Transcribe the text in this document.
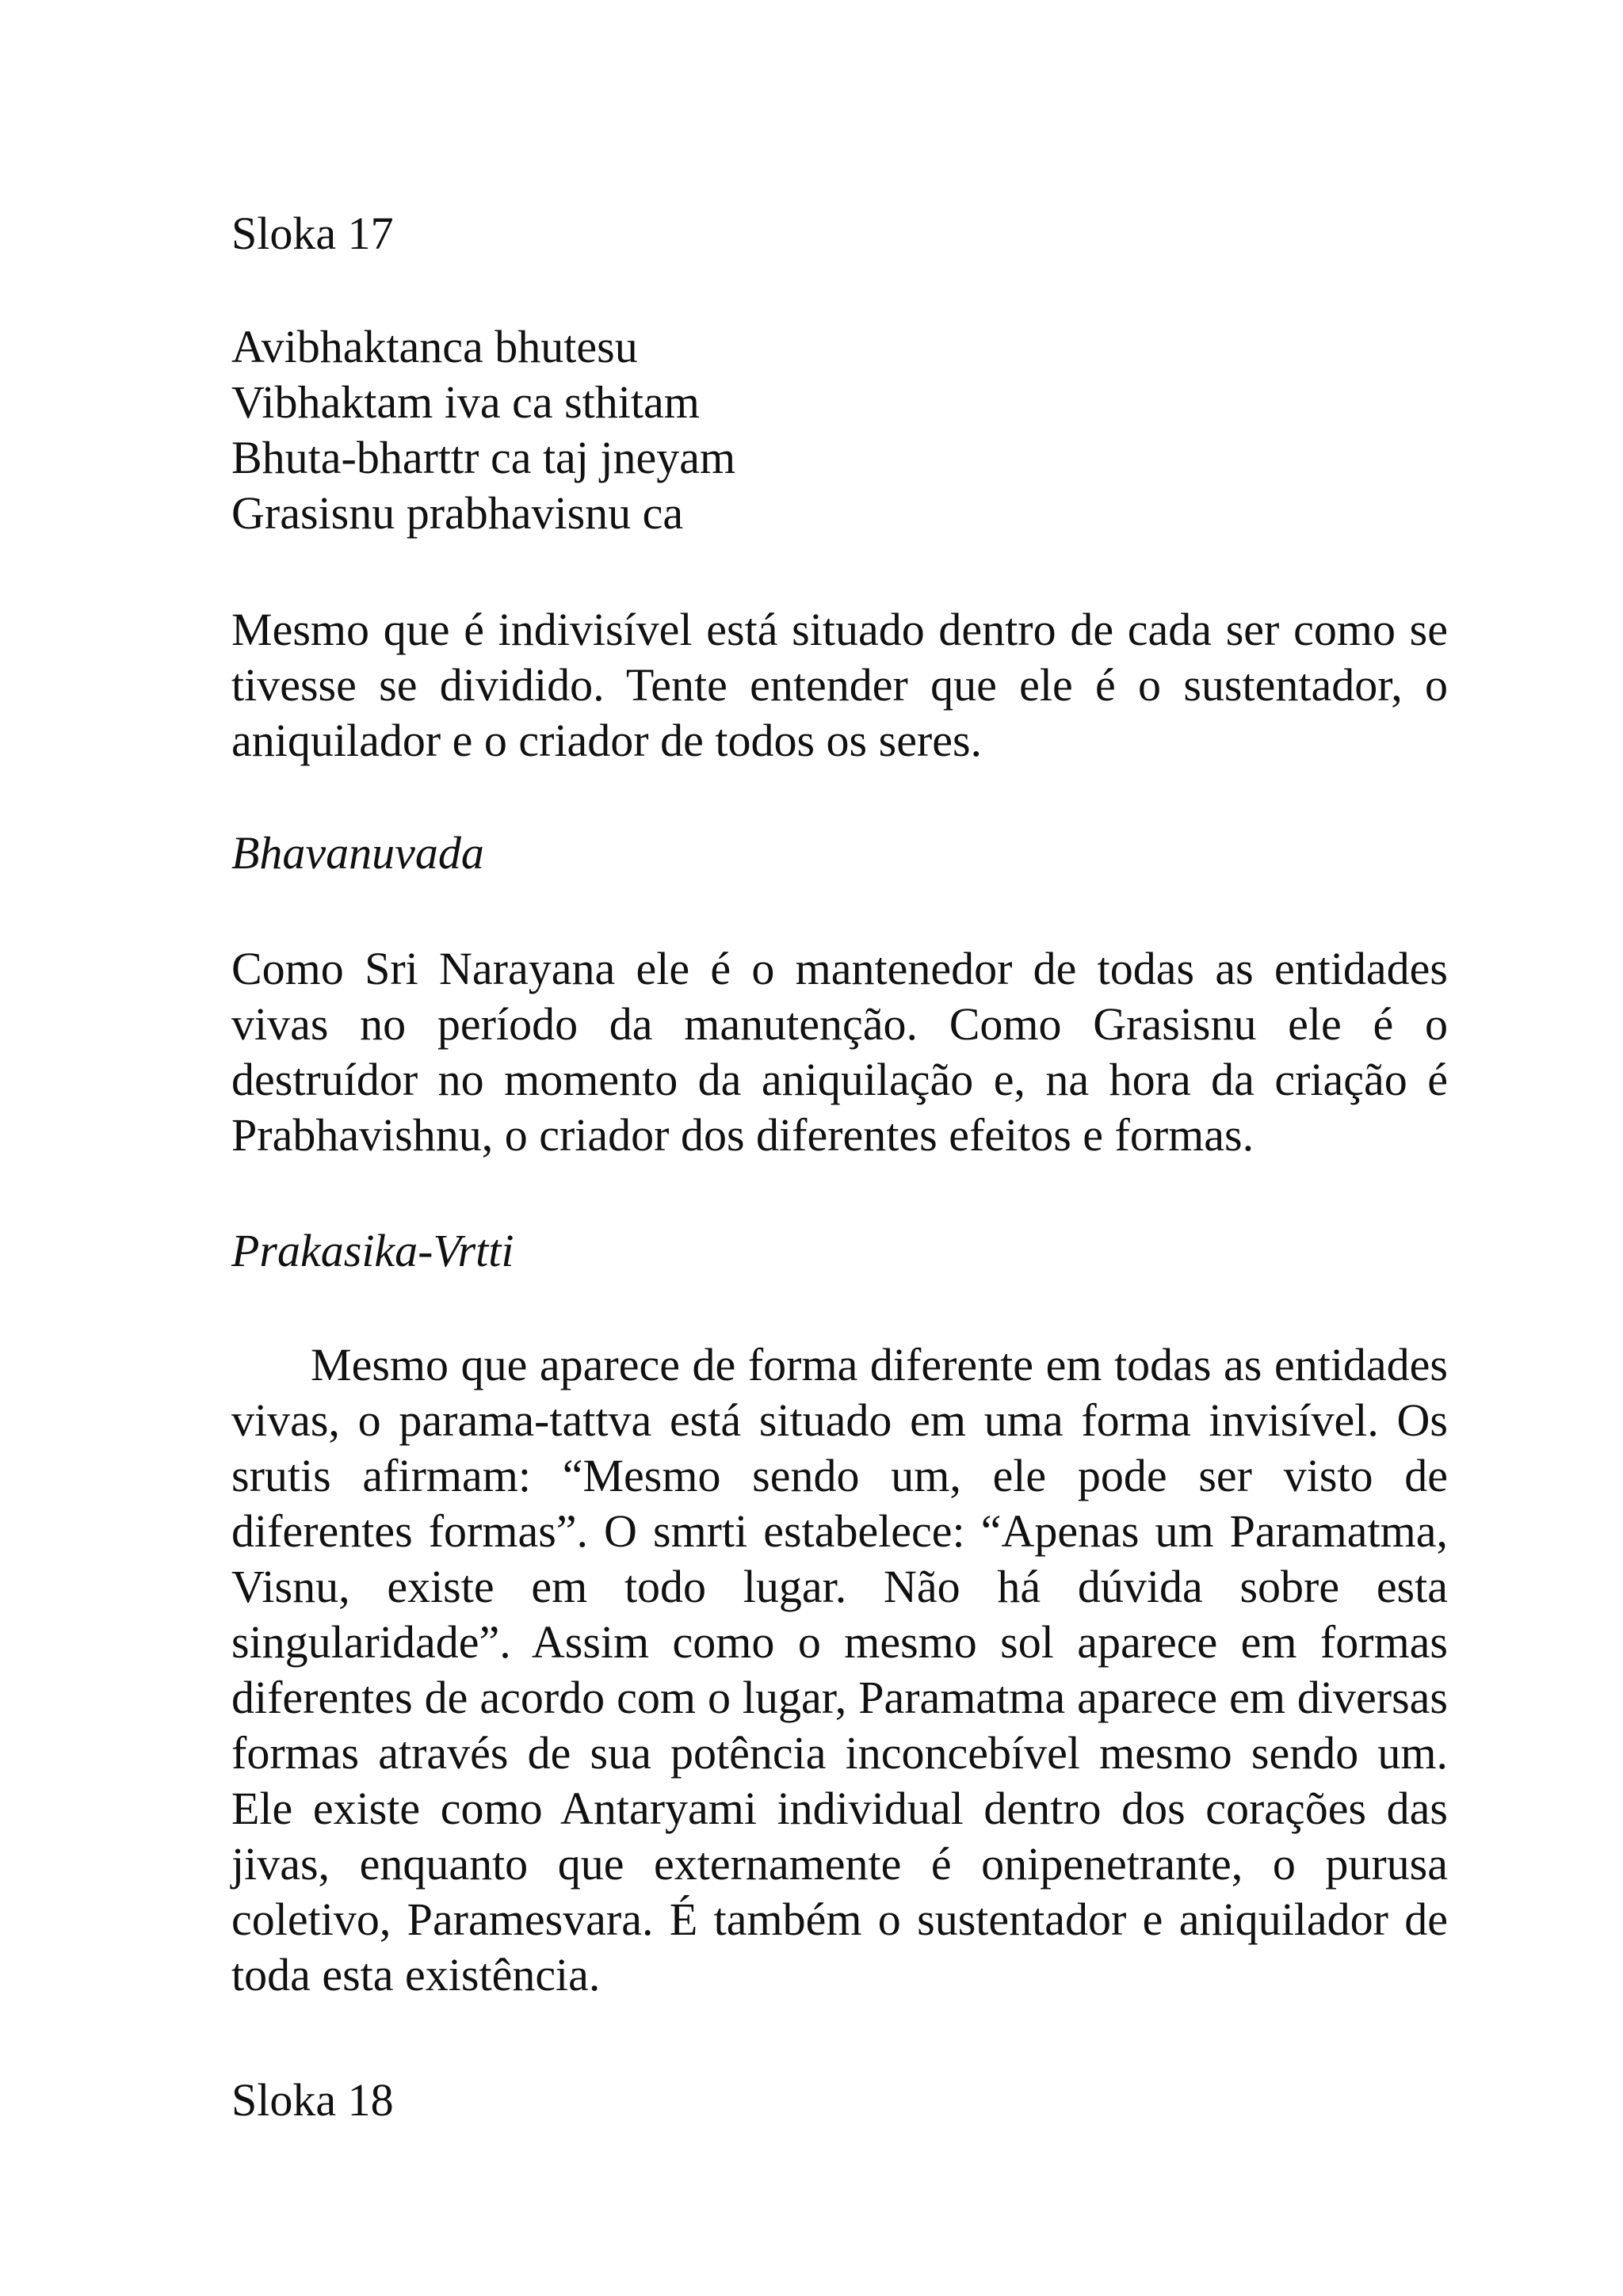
Sloka 17

Avibhaktanca bhutesu
Vibhaktam iva ca sthitam
Bhuta-bharttr ca taj jneyam
Grasisnu prabhavisnu ca

Mesmo que é indivisível está situado dentro de cada ser como se tivesse se dividido. Tente entender que ele é o sustentador, o aniquilador e o criador de todos os seres.

Bhavanuvada

Como Sri Narayana ele é o mantenedor de todas as entidades vivas no período da manutenção. Como Grasisnu ele é o destruídor no momento da aniquilação e, na hora da criação é Prabhavishnu, o criador dos diferentes efeitos e formas.

Prakasika-Vrtti

Mesmo que aparece de forma diferente em todas as entidades vivas, o parama-tattva está situado em uma forma invisível. Os srutis afirmam: “Mesmo sendo um, ele pode ser visto de diferentes formas”. O smrti estabelece: “Apenas um Paramatma, Visnu, existe em todo lugar. Não há dúvida sobre esta singularidade”. Assim como o mesmo sol aparece em formas diferentes de acordo com o lugar, Paramatma aparece em diversas formas através de sua potência inconcebível mesmo sendo um. Ele existe como Antaryami individual dentro dos corações das jivas, enquanto que externamente é onipenetrante, o purusa coletivo, Paramesvara. É também o sustentador e aniquilador de toda esta existência.

Sloka 18
